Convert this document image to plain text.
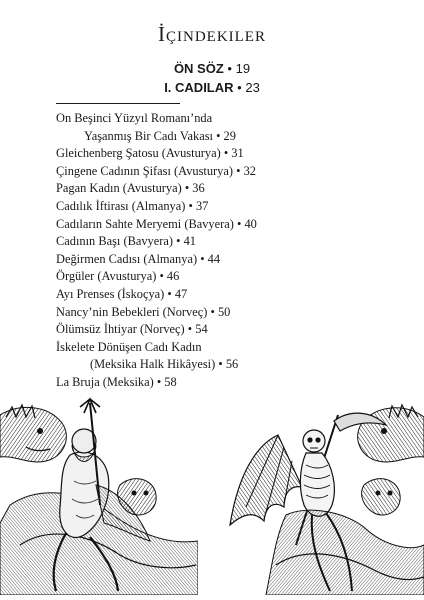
İçindekiler
ÖN SÖZ • 19
I. CADILAR • 23
On Beşinci Yüzyıl Romanı’nda
Yaşanmış Bir Cadı Vakası • 29
Gleichenberg Şatosu (Avusturya) • 31
Çingene Cadının Şifası (Avusturya) • 32
Pagan Kadın (Avusturya) • 36
Cadılık İftirası (Almanya) • 37
Cadıların Sahte Meryemi (Bavyera) • 40
Cadının Başı (Bavyera) • 41
Değirmen Cadısı (Almanya) • 44
Örgüler (Avusturya) • 46
Ayı Prenses (İskoçya) • 47
Nancy’nin Bebekleri (Norveç) • 50
Ölümsüz İhtiyar (Norveç) • 54
İskelete Dönüşen Cadı Kadın
(Meksika Halk Hikâyesi) • 56
La Bruja (Meksika) • 58
